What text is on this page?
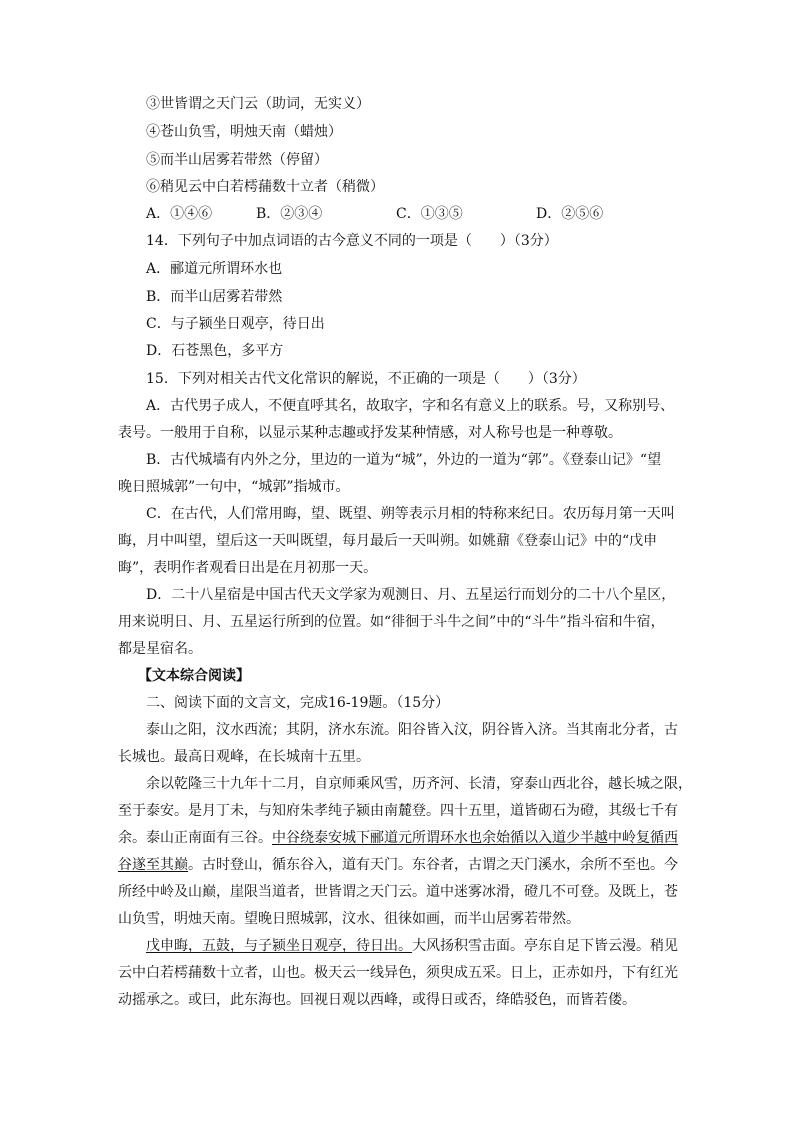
③世皆谓之天门云（助词，无实义）
④苍山负雪，明烛天南（蜡烛）
⑤而半山居雾若带然（停留）
⑥稍见云中白若樗蒱数十立者（稍微）
A．①④⑥	B．②③④	C．①③⑤	D．②⑤⑥
14．下列句子中加点词语的古今意义不同的一项是（　　）（3分）
A．郦道元所谓环水也
B．而半山居雾若带然
C．与子颍坐日观亭，待日出
D．石苍黑色，多平方
15．下列对相关古代文化常识的解说，不正确的一项是（　　）（3分）
A．古代男子成人，不便直呼其名，故取字，字和名有意义上的联系。号，又称别号、
表号。一般用于自称，以显示某种志趣或抒发某种情感，对人称号也是一种尊敬。
B．古代城墙有内外之分，里边的一道为“城”，外边的一道为“郭”。《登泰山记》“望
晚日照城郭”一句中，“城郭”指城市。
C．在古代，人们常用晦，望、既望、朔等表示月相的特称来纪日。农历每月第一天叫
晦，月中叫望，望后这一天叫既望，每月最后一天叫朔。如姚鼐《登泰山记》中的“戊申
晦”，表明作者观看日出是在月初那一天。
D．二十八星宿是中国古代天文学家为观测日、月、五星运行而划分的二十八个星区，
用来说明日、月、五星运行所到的位置。如“徘徊于斗牛之间”中的“斗牛”指斗宿和牛宿，
都是星宿名。
【文本综合阅读】
二、阅读下面的文言文，完成16-19题。（15分）
泰山之阳，汶水西流；其阴，济水东流。阳谷皆入汶，阴谷皆入济。当其南北分者，古
长城也。最高日观峰，在长城南十五里。
余以乾隆三十九年十二月，自京师乘风雪，历齐河、长清，穿泰山西北谷，越长城之限，
至于泰安。是月丁未，与知府朱孝纯子颍由南麓登。四十五里，道皆砌石为磴，其级七千有
余。泰山正南面有三谷。中谷绕泰安城下郦道元所谓环水也余始循以入道少半越中岭复循西
谷遂至其巅。古时登山，循东谷入，道有天门。东谷者，古谓之天门溪水，余所不至也。今
所经中岭及山巅，崖限当道者，世皆谓之天门云。道中迷雾冰滑，磴几不可登。及既上，苍
山负雪，明烛天南。望晚日照城郭，汶水、徂徕如画，而半山居雾若带然。
戊申晦，五鼓，与子颍坐日观亭，待日出。大风扬积雪击面。亭东自足下皆云漫。稍见
云中白若樗蒱数十立者，山也。极天云一线异色，须臾成五采。日上，正赤如丹，下有红光
动摇承之。或曰，此东海也。回视日观以西峰，或得日或否，绛皓驳色，而皆若偻。
